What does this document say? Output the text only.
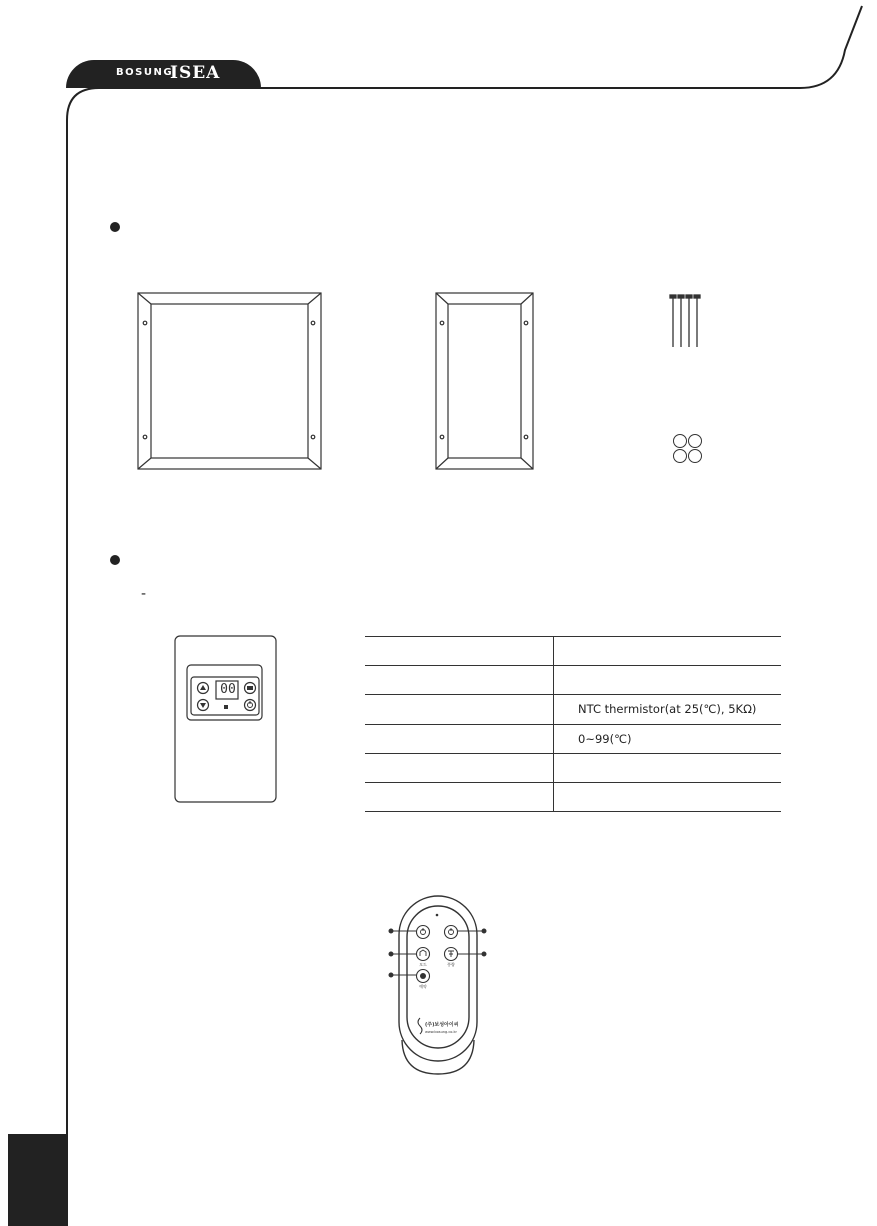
BOSUNG
ISEA
-
00

	NTC thermistor(at 25(℃), 5KΩ)
	0~99(℃)

모드
예약
풍량
(주)보성아이씨
www.bosung.co.kr
